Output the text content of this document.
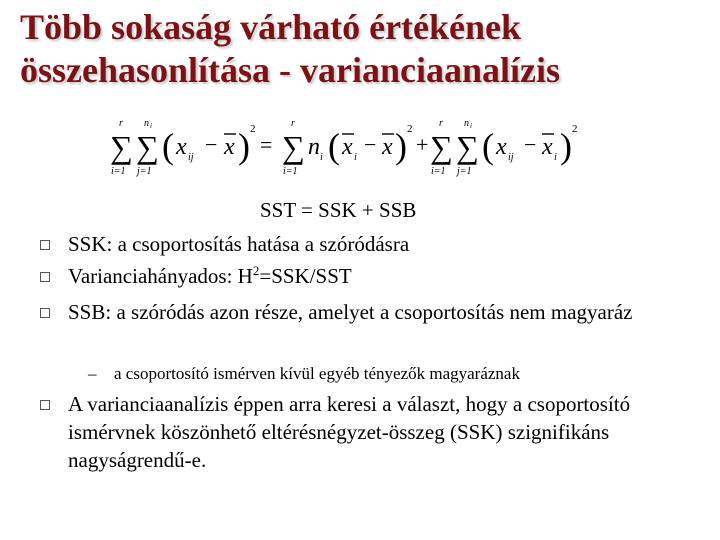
Több sokaság várható értékének összehasonlítása - varianciaanalízis
∑
r
i=1
∑
n i
j=1
( x ij
− x ) 2
= ∑
r
i=1
n i ( x i
− x ) 2
+ ∑
r
i=1
∑
n i
j=1
( x ij
− x i ) 2
SST = SSK + SSB
SSK: a csoportosítás hatása a szóródásra
Varianciahányados: $H^2=SSK$/SST
SSB: a szóródás azon része, amelyet a csoportosítás nem magyaráz
– a csoportosító ismérven kívül egyéb tényezők magyaráznak
A varianciaanalízis éppen arra keresi a választ, hogy a csoportosító ismérvnek köszönhető eltérésnégyzet-összeg (SSK) szignifikáns nagyságrendű-e.
